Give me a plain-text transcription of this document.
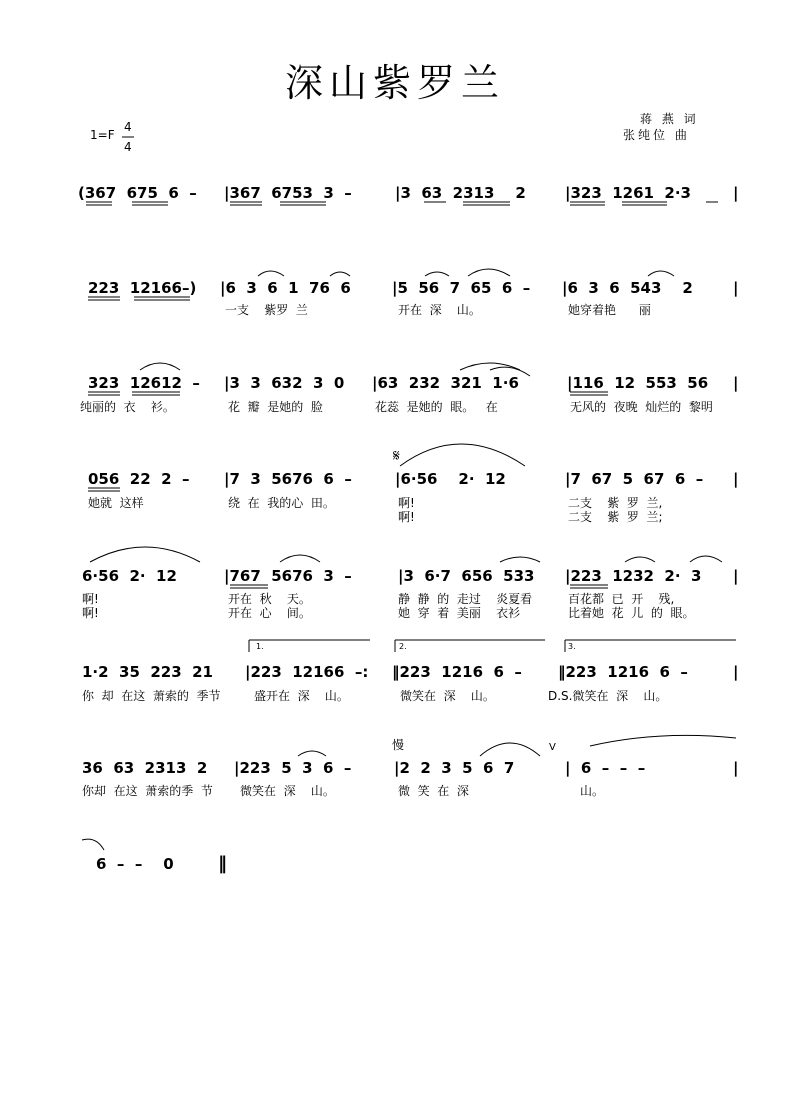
深山紫罗兰
蒋 燕 词
张纯位 曲
1=F
4
4
(367  675  6  – |367  6753  3  –	|3  63  2313    2	|323  1261  2·3	|
223  12166–) |6  3  6  1  76  6	|5  56  7  65  6  – |6  3  6  543    2	|
一支    紫罗  兰	开在  深    山。	她穿着艳      丽
323  12612  – |3  3  632  3  0 |63  232  321  1·6	|116  12  553  56 |
纯丽的  衣    衫。	花  瓣  是她的  脸	花蕊  是她的  眼。   在	无风的  夜晚  灿烂的  黎明
056  22  2  – |7  3  5676  6  –	|6·56    2·  12	|7  67  5  67  6  – |
她就  这样	绕  在  我的心  田。	啊!	二支    紫  罗  兰,
啊!	二支    紫  罗  兰;
𝄋
6·56  2·  12	|767  5676  3  –	|3  6·7  656  533 |223  1232  2·  3 |
啊!	开在  秋    天。	静  静  的  走过    炎夏看	百花都  已  开    残,
啊!	开在  心    间。	她  穿  着  美丽    衣衫	比着她  花  儿  的  眼。
1·2  35  223  21 |223  12166  –: ‖223  1216  6  – ‖223  1216  6  –	|
你  却  在这  萧索的  季节	盛开在  深    山。	微笑在  深    山。	D.S.微笑在  深    山。
1.	2.	3.
36  63  2313  2 |223  5  3  6  –	|2  2  3  5  6  7	|  6  –  –  –	|
你却  在这  萧索的季  节 微笑在  深    山。	微  笑  在  深	山。
慢	V
6  –  –    0 ‖
